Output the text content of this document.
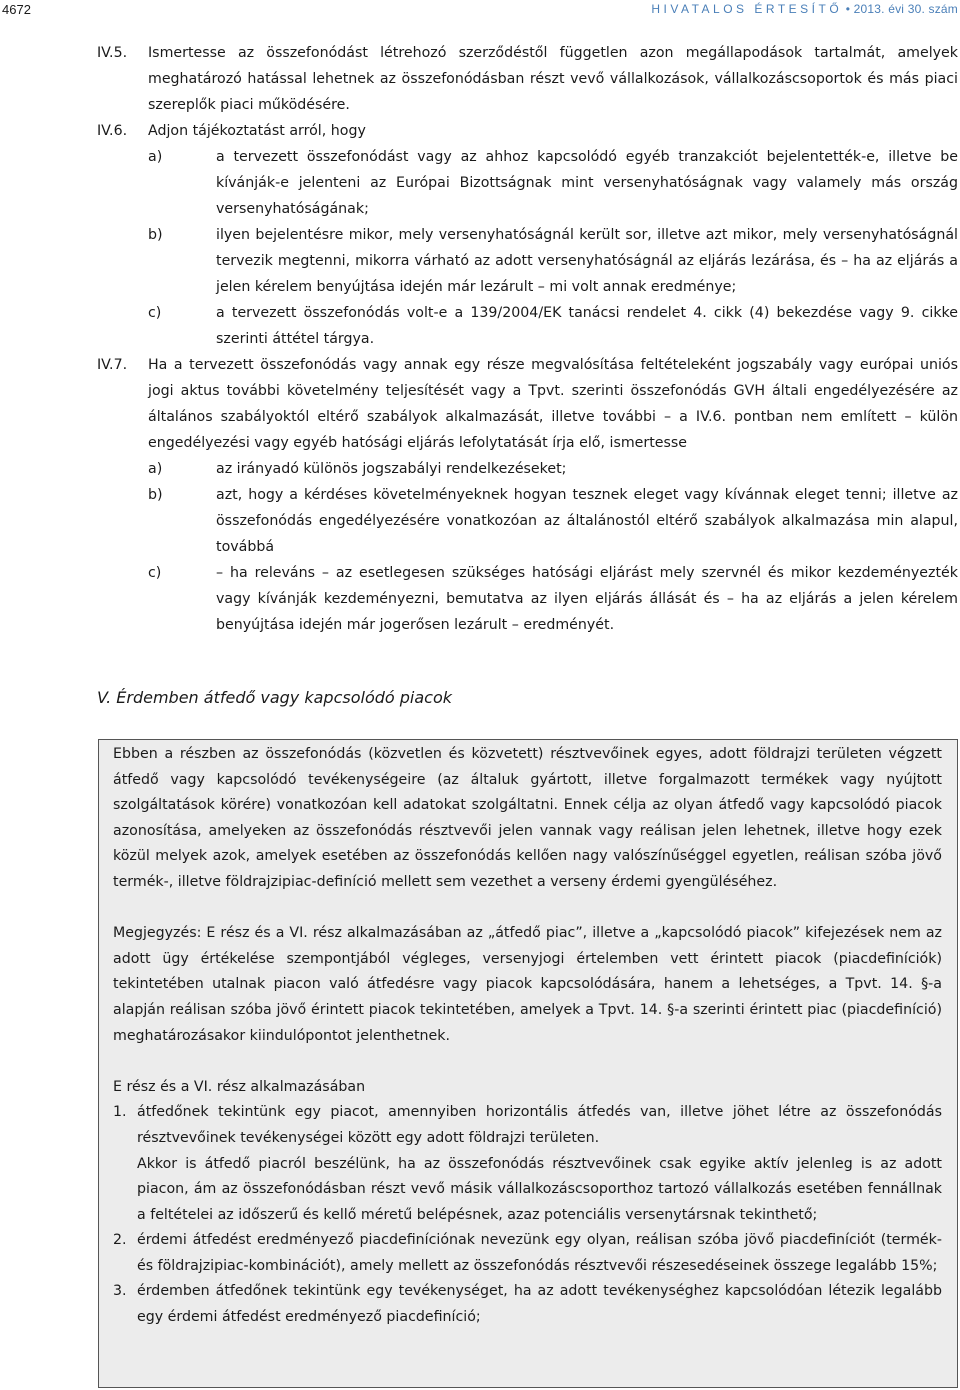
4672	HIVATALOS ÉRTESÍTŐ • 2013. évi 30. szám
IV.5. Ismertesse az összefonódást létrehozó szerződéstől független azon megállapodások tartalmát, amelyek meghatározó hatással lehetnek az összefonódásban részt vevő vállalkozások, vállalkozáscsoportok és más piaci szereplők piaci működésére.
IV.6. Adjon tájékoztatást arról, hogy
a)	a tervezett összefonódást vagy az ahhoz kapcsolódó egyéb tranzakciót bejelentették-e, illetve be kívánják-e jelenteni az Európai Bizottságnak mint versenyhatóságnak vagy valamely más ország versenyhatóságának;
b)	ilyen bejelentésre mikor, mely versenyhatóságnál került sor, illetve azt mikor, mely versenyhatóságnál tervezik megtenni, mikorra várható az adott versenyhatóságnál az eljárás lezárása, és – ha az eljárás a jelen kérelem benyújtása idején már lezárult – mi volt annak eredménye;
c)	a tervezett összefonódás volt-e a 139/2004/EK tanácsi rendelet 4. cikk (4) bekezdése vagy 9. cikke szerinti áttétel tárgya.
IV.7. Ha a tervezett összefonódás vagy annak egy része megvalósítása feltételeként jogszabály vagy európai uniós jogi aktus további követelmény teljesítését vagy a Tpvt. szerinti összefonódás GVH általi engedélyezésére az általános szabályoktól eltérő szabályok alkalmazását, illetve további – a IV.6. pontban nem említett – külön engedélyezési vagy egyéb hatósági eljárás lefolytatását írja elő, ismertesse
a)	az irányadó különös jogszabályi rendelkezéseket;
b)	azt, hogy a kérdéses követelményeknek hogyan tesznek eleget vagy kívánnak eleget tenni; illetve az összefonódás engedélyezésére vonatkozóan az általánostól eltérő szabályok alkalmazása min alapul, továbbá
c)	– ha releváns – az esetlegesen szükséges hatósági eljárást mely szervnél és mikor kezdeményezték vagy kívánják kezdeményezni, bemutatva az ilyen eljárás állását és – ha az eljárás a jelen kérelem benyújtása idején már jogerősen lezárult – eredményét.
V. Érdemben átfedő vagy kapcsolódó piacok

Ebben a részben az összefonódás (közvetlen és közvetett) résztvevőinek egyes, adott földrajzi területen végzett átfedő vagy kapcsolódó tevékenységeire (az általuk gyártott, illetve forgalmazott termékek vagy nyújtott szolgáltatások körére) vonatkozóan kell adatokat szolgáltatni. Ennek célja az olyan átfedő vagy kapcsolódó piacok azonosítása, amelyeken az összefonódás résztvevői jelen vannak vagy reálisan jelen lehetnek, illetve hogy ezek közül melyek azok, amelyek esetében az összefonódás kellően nagy valószínűséggel egyetlen, reálisan szóba jövő termék-, illetve földrajzipiac-definíció mellett sem vezethet a verseny érdemi gyengüléséhez.

Megjegyzés: E rész és a VI. rész alkalmazásában az „átfedő piac”, illetve a „kapcsolódó piacok” kifejezések nem az adott ügy értékelése szempontjából végleges, versenyjogi értelemben vett érintett piacok (piacdefiníciók) tekintetében utalnak piacon való átfedésre vagy piacok kapcsolódására, hanem a lehetséges, a Tpvt. 14. §-a alapján reálisan szóba jövő érintett piacok tekintetében, amelyek a Tpvt. 14. §-a szerinti érintett piac (piacdefiníció) meghatározásakor kiindulópontot jelenthetnek.

E rész és a VI. rész alkalmazásában

1. átfedőnek tekintünk egy piacot, amennyiben horizontális átfedés van, illetve jöhet létre az összefonódás résztvevőinek tevékenységei között egy adott földrajzi területen.
Akkor is átfedő piacról beszélünk, ha az összefonódás résztvevőinek csak egyike aktív jelenleg is az adott piacon, ám az összefonódásban részt vevő másik vállalkozáscsoporthoz tartozó vállalkozás esetében fennállnak a feltételei az időszerű és kellő méretű belépésnek, azaz potenciális versenytársnak tekinthető;
2. érdemi átfedést eredményező piacdefiníciónak nevezünk egy olyan, reálisan szóba jövő piacdefiníciót (termék- és földrajzipiac-kombinációt), amely mellett az összefonódás résztvevői részesedéseinek összege legalább 15%;
3. érdemben átfedőnek tekintünk egy tevékenységet, ha az adott tevékenységhez kapcsolódóan létezik legalább egy érdemi átfedést eredményező piacdefiníció;
